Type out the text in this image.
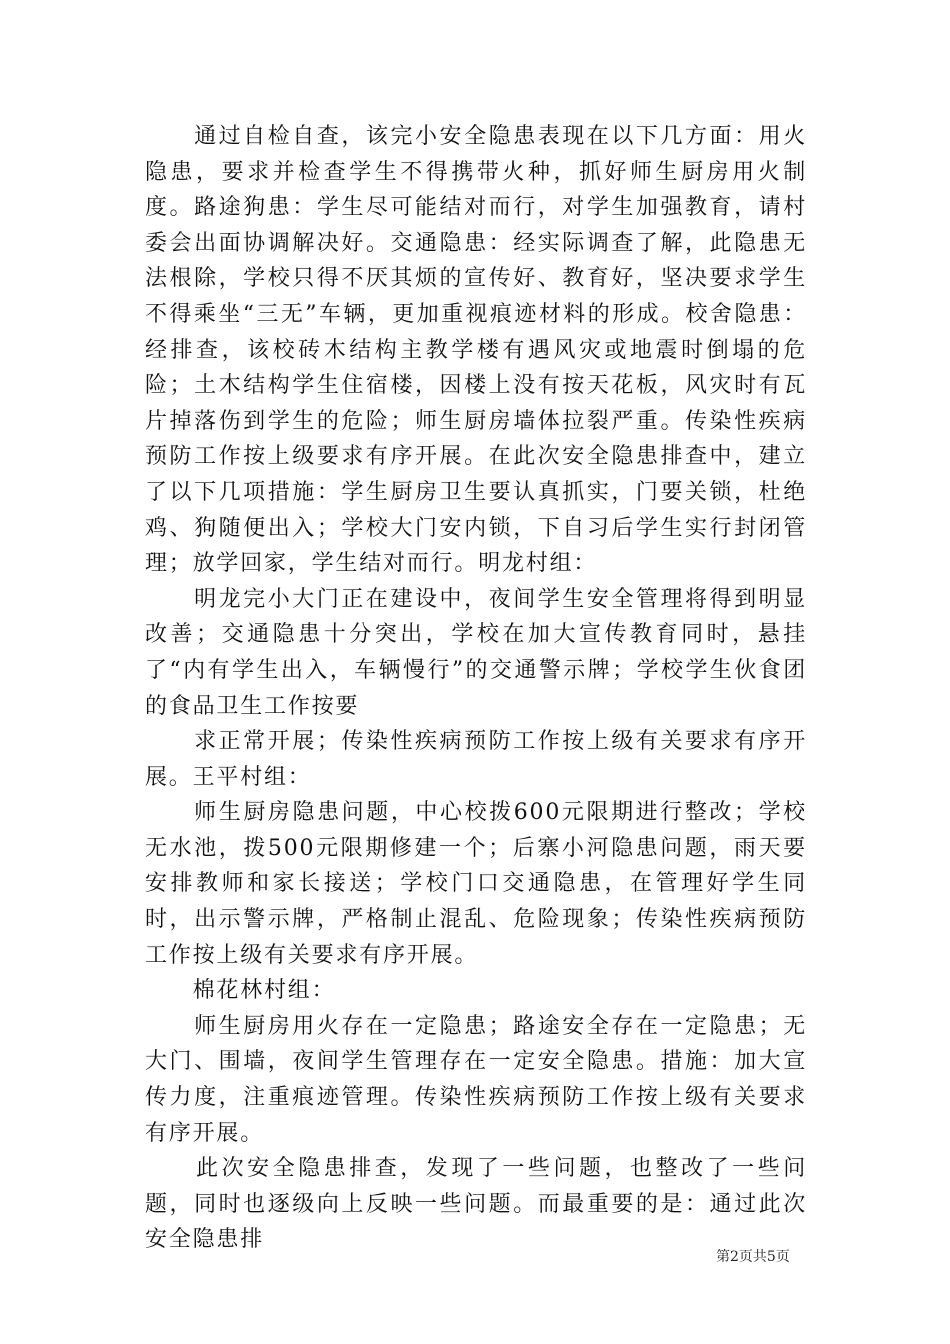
　　通过自检自查，该完小安全隐患表现在以下几方面：用火隐患，要求并检查学生不得携带火种，抓好师生厨房用火制度。路途狗患：学生尽可能结对而行，对学生加强教育，请村委会出面协调解决好。交通隐患：经实际调查了解，此隐患无法根除，学校只得不厌其烦的宣传好、教育好，坚决要求学生不得乘坐“三无”车辆，更加重视痕迹材料的形成。校舍隐患：经排查，该校砖木结构主教学楼有遇风灾或地震时倒塌的危险；土木结构学生住宿楼，因楼上没有按天花板，风灾时有瓦片掉落伤到学生的危险；师生厨房墙体拉裂严重。传染性疾病预防工作按上级要求有序开展。在此次安全隐患排查中，建立了以下几项措施：学生厨房卫生要认真抓实，门要关锁，杜绝鸡、狗随便出入；学校大门安内锁，下自习后学生实行封闭管理；放学回家，学生结对而行。明龙村组：

　　明龙完小大门正在建设中，夜间学生安全管理将得到明显改善；交通隐患十分突出，学校在加大宣传教育同时，悬挂了“内有学生出入，车辆慢行”的交通警示牌；学校学生伙食团的食品卫生工作按要

　　求正常开展；传染性疾病预防工作按上级有关要求有序开展。王平村组：

　　师生厨房隐患问题，中心校拨600元限期进行整改；学校无水池，拨500元限期修建一个；后寨小河隐患问题，雨天要安排教师和家长接送；学校门口交通隐患，在管理好学生同时，出示警示牌，严格制止混乱、危险现象；传染性疾病预防工作按上级有关要求有序开展。

　　棉花林村组：

　　师生厨房用火存在一定隐患；路途安全存在一定隐患；无大门、围墙，夜间学生管理存在一定安全隐患。措施：加大宣传力度，注重痕迹管理。传染性疾病预防工作按上级有关要求有序开展。

　　此次安全隐患排查，发现了一些问题，也整改了一些问题，同时也逐级向上反映一些问题。而最重要的是：通过此次安全隐患排

第2页共5页
